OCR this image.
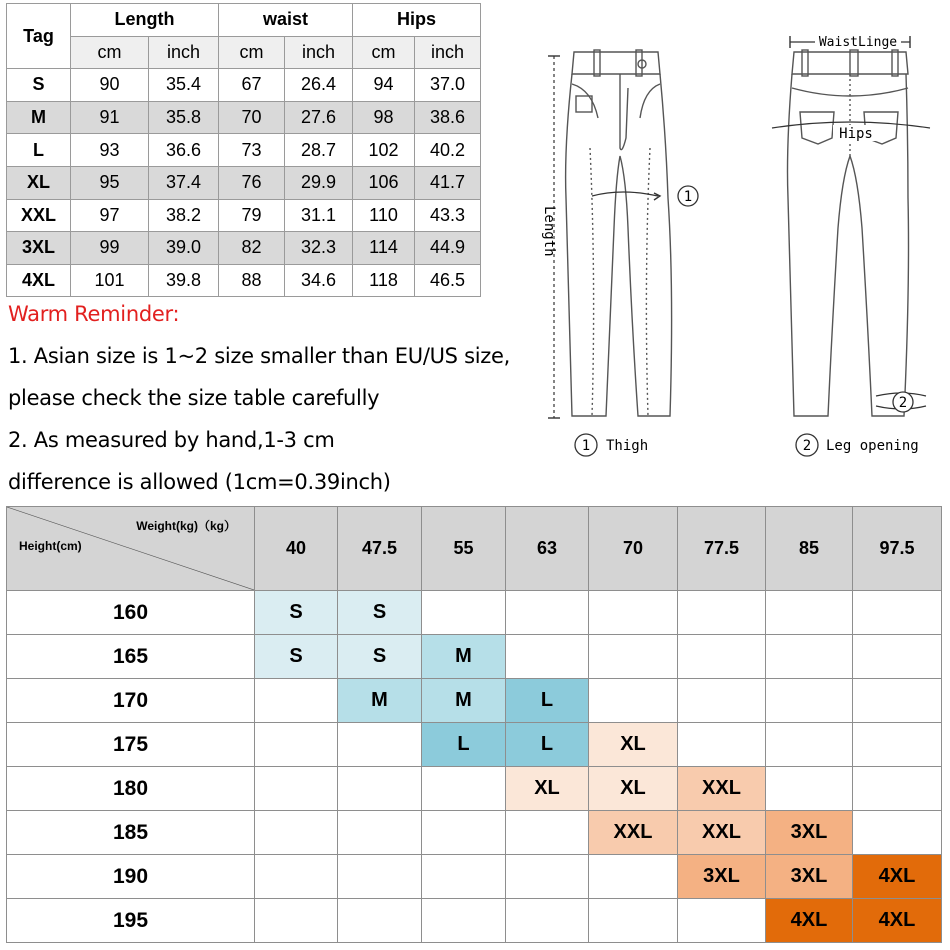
Tag	Length		waist		Hips	
	cm	inch	cm	inch	cm	inch
S	90	35.4	67	26.4	94	37.0
M	91	35.8	70	27.6	98	38.6
L	93	36.6	73	28.7	102	40.2
XL	95	37.4	76	29.9	106	41.7
XXL	97	38.2	79	31.1	110	43.3
3XL	99	39.0	82	32.3	114	44.9
4XL	101	39.8	88	34.6	118	46.5
Warm Reminder:
1. Asian size is 1~2 size smaller than EU/US size,
please check the size table carefully
2. As measured by hand,1-3 cm
difference is allowed (1cm=0.39inch)
Length
1
WaistLinge
Hips
2
1 Thigh	2 Leg opening
Weight(kg)（kg）
Height(cm)	40	47.5	55	63	70	77.5	85	97.5
160	S	S						
165	S	S	M					
170		M	M	L				
175			L	L	XL			
180				XL	XL	XXL		
185					XXL	XXL	3XL	
190						3XL	3XL	4XL
195							4XL	4XL
